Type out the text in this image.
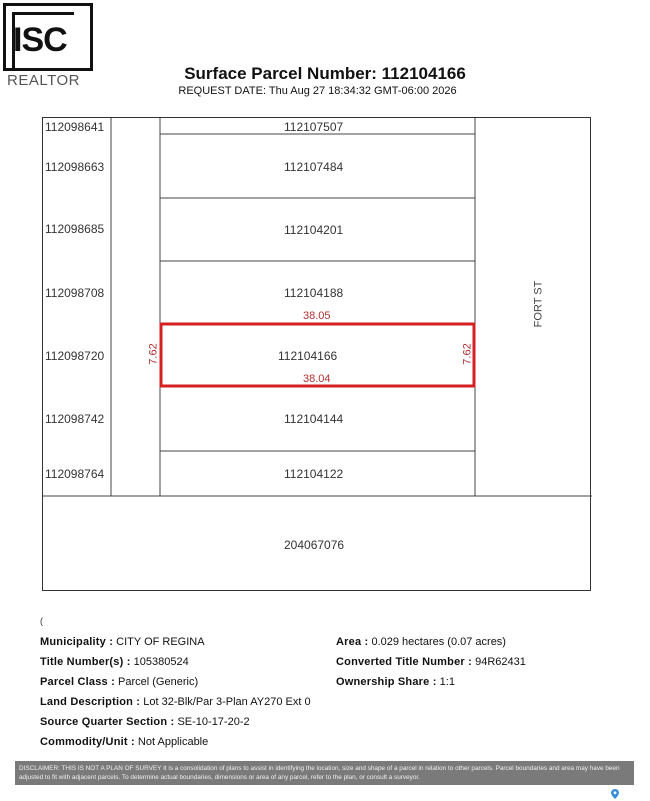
ISC
REALTOR	Surface Parcel Number: 112104166
REQUEST DATE: Thu Aug 27 18:34:32 GMT-06:00 2026
112098641
112098663
112098685
112098708
112098720
112098742
112098764
112107507
112107484
112104201
112104188
112104166
112104144
112104122
204067076
38.05
38.04
7.62	7.62
FORT ST
(
Municipality : CITY OF REGINA
Title Number(s) : 105380524
Parcel Class : Parcel (Generic)
Land Description : Lot 32-Blk/Par 3-Plan AY270 Ext 0
Source Quarter Section : SE-10-17-20-2
Commodity/Unit : Not Applicable
Area : 0.029 hectares (0.07 acres)
Converted Title Number : 94R62431
Ownership Share : 1:1
DISCLAIMER: THIS IS NOT A PLAN OF SURVEY It is a consolidation of plans to assist in identifying the location, size and shape of a parcel in relation to other parcels. Parcel boundaries and area may have been adjusted to fit with adjacent parcels. To determine actual boundaries, dimensions or area of any parcel, refer to the plan, or consult a surveyor.
